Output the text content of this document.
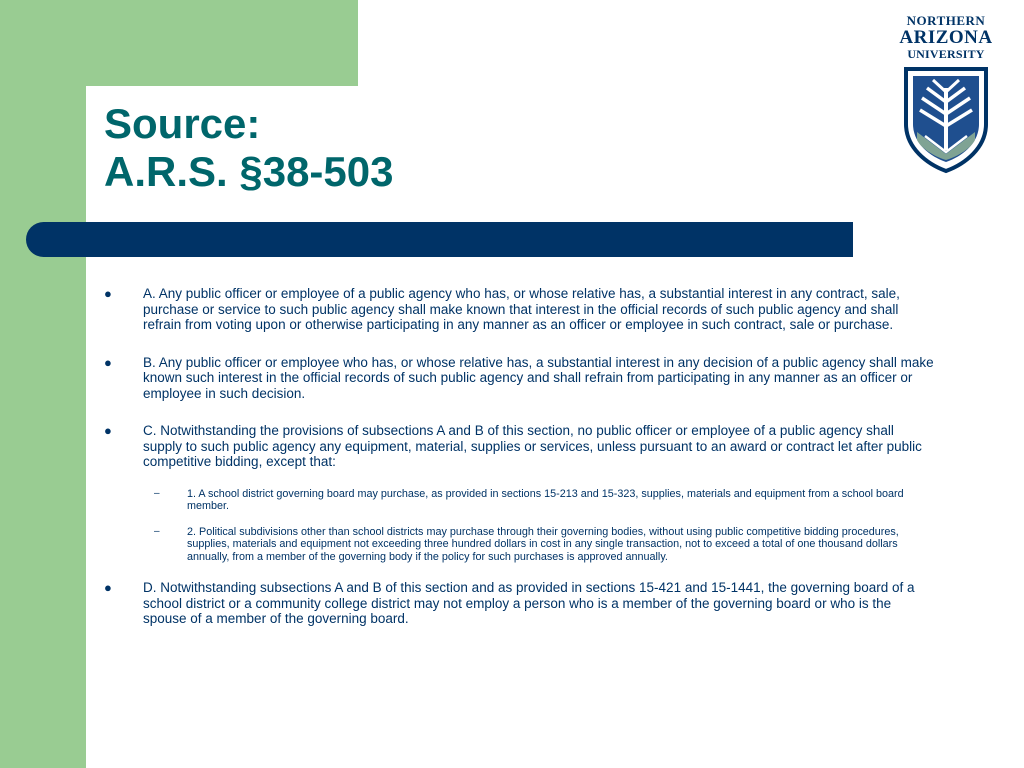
Source:
A.R.S. §38-503
NORTHERN
ARIZONA
UNIVERSITY
● A. Any public officer or employee of a public agency who has, or whose relative has, a substantial interest in any contract, sale, purchase or service to such public agency shall make known that interest in the official records of such public agency and shall refrain from voting upon or otherwise participating in any manner as an officer or employee in such contract, sale or purchase.
● B. Any public officer or employee who has, or whose relative has, a substantial interest in any decision of a public agency shall make known such interest in the official records of such public agency and shall refrain from participating in any manner as an officer or employee in such decision.
● C. Notwithstanding the provisions of subsections A and B of this section, no public officer or employee of a public agency shall supply to such public agency any equipment, material, supplies or services, unless pursuant to an award or contract let after public competitive bidding, except that:
–	1. A school district governing board may purchase, as provided in sections 15-213 and 15-323, supplies, materials and equipment from a school board member.
–	2. Political subdivisions other than school districts may purchase through their governing bodies, without using public competitive bidding procedures, supplies, materials and equipment not exceeding three hundred dollars in cost in any single transaction, not to exceed a total of one thousand dollars annually, from a member of the governing body if the policy for such purchases is approved annually.
● D. Notwithstanding subsections A and B of this section and as provided in sections 15-421 and 15-1441, the governing board of a school district or a community college district may not employ a person who is a member of the governing board or who is the spouse of a member of the governing board.
